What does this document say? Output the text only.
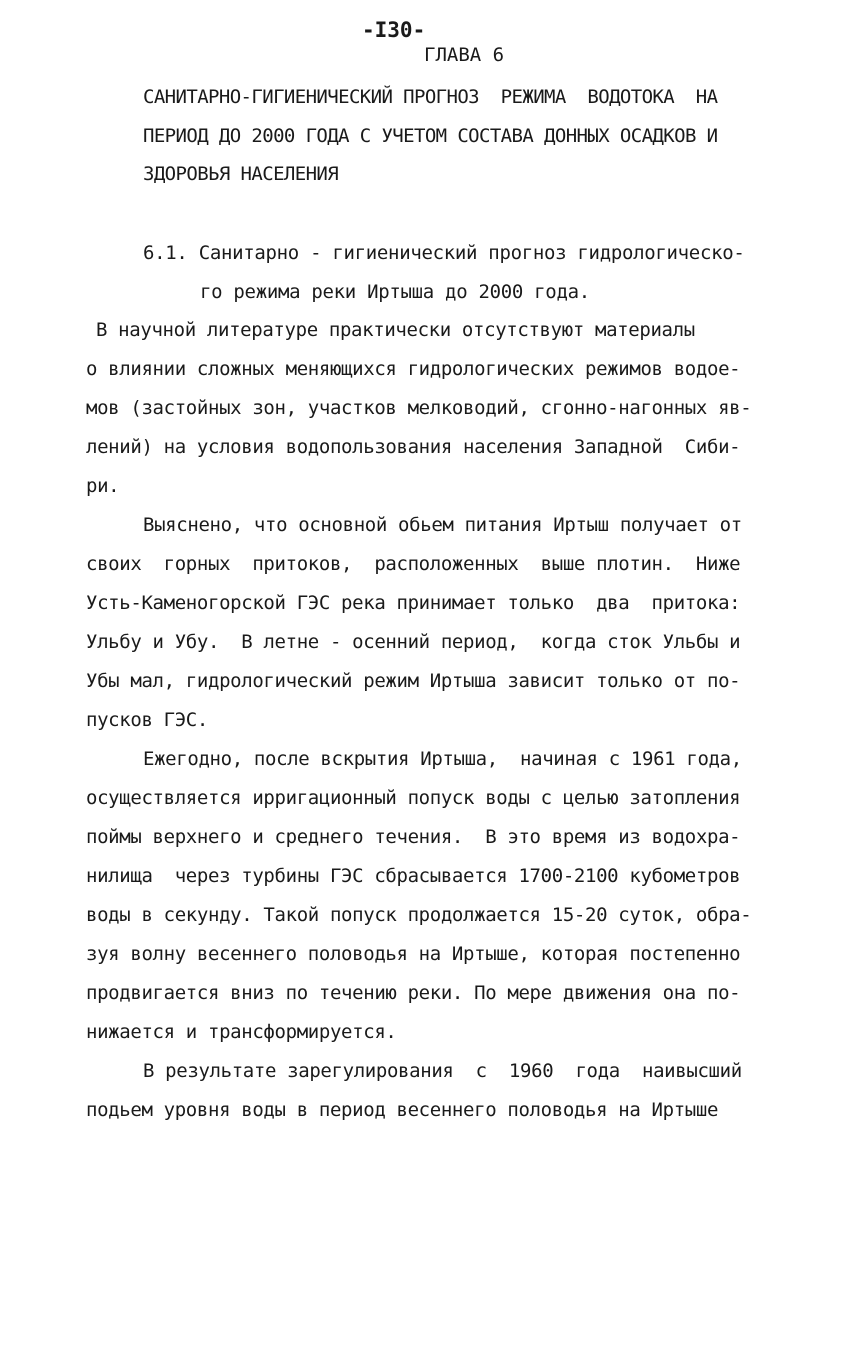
-I30-
ГЛАВА 6
САНИТАРНО-ГИГИЕНИЧЕСКИЙ ПРОГНОЗ  РЕЖИМА  ВОДОТОКА  НА
ПЕРИОД ДО 2000 ГОДА С УЧЕТОМ СОСТАВА ДОННЫХ ОСАДКОВ И
ЗДОРОВЬЯ НАСЕЛЕНИЯ
6.1. Санитарно - гигиенический прогноз гидрологическо-
го режима реки Иртыша до 2000 года.
В научной литературе практически отсутствуют материалы
о влиянии сложных меняющихся гидрологических режимов водое-
мов (застойных зон, участков мелководий, сгонно-нагонных яв-
лений) на условия водопользования населения Западной  Сиби-
ри.
Выяснено, что основной обьем питания Иртыш получает от
своих  горных  притоков,  расположенных  выше плотин.  Ниже
Усть-Каменогорской ГЭС река принимает только  два  притока:
Ульбу и Убу.  В летне - осенний период,  когда сток Ульбы и
Убы мал, гидрологический режим Иртыша зависит только от по-
пусков ГЭС.
Ежегодно, после вскрытия Иртыша,  начиная с 1961 года,
осуществляется ирригационный попуск воды с целью затопления
поймы верхнего и среднего течения.  В это время из водохра-
нилища  через турбины ГЭС сбрасывается 1700-2100 кубометров
воды в секунду. Такой попуск продолжается 15-20 суток, обра-
зуя волну весеннего половодья на Иртыше, которая постепенно
продвигается вниз по течению реки. По мере движения она по-
нижается и трансформируется.
В результате зарегулирования  с  1960  года  наивысший
подьем уровня воды в период весеннего половодья на Иртыше
